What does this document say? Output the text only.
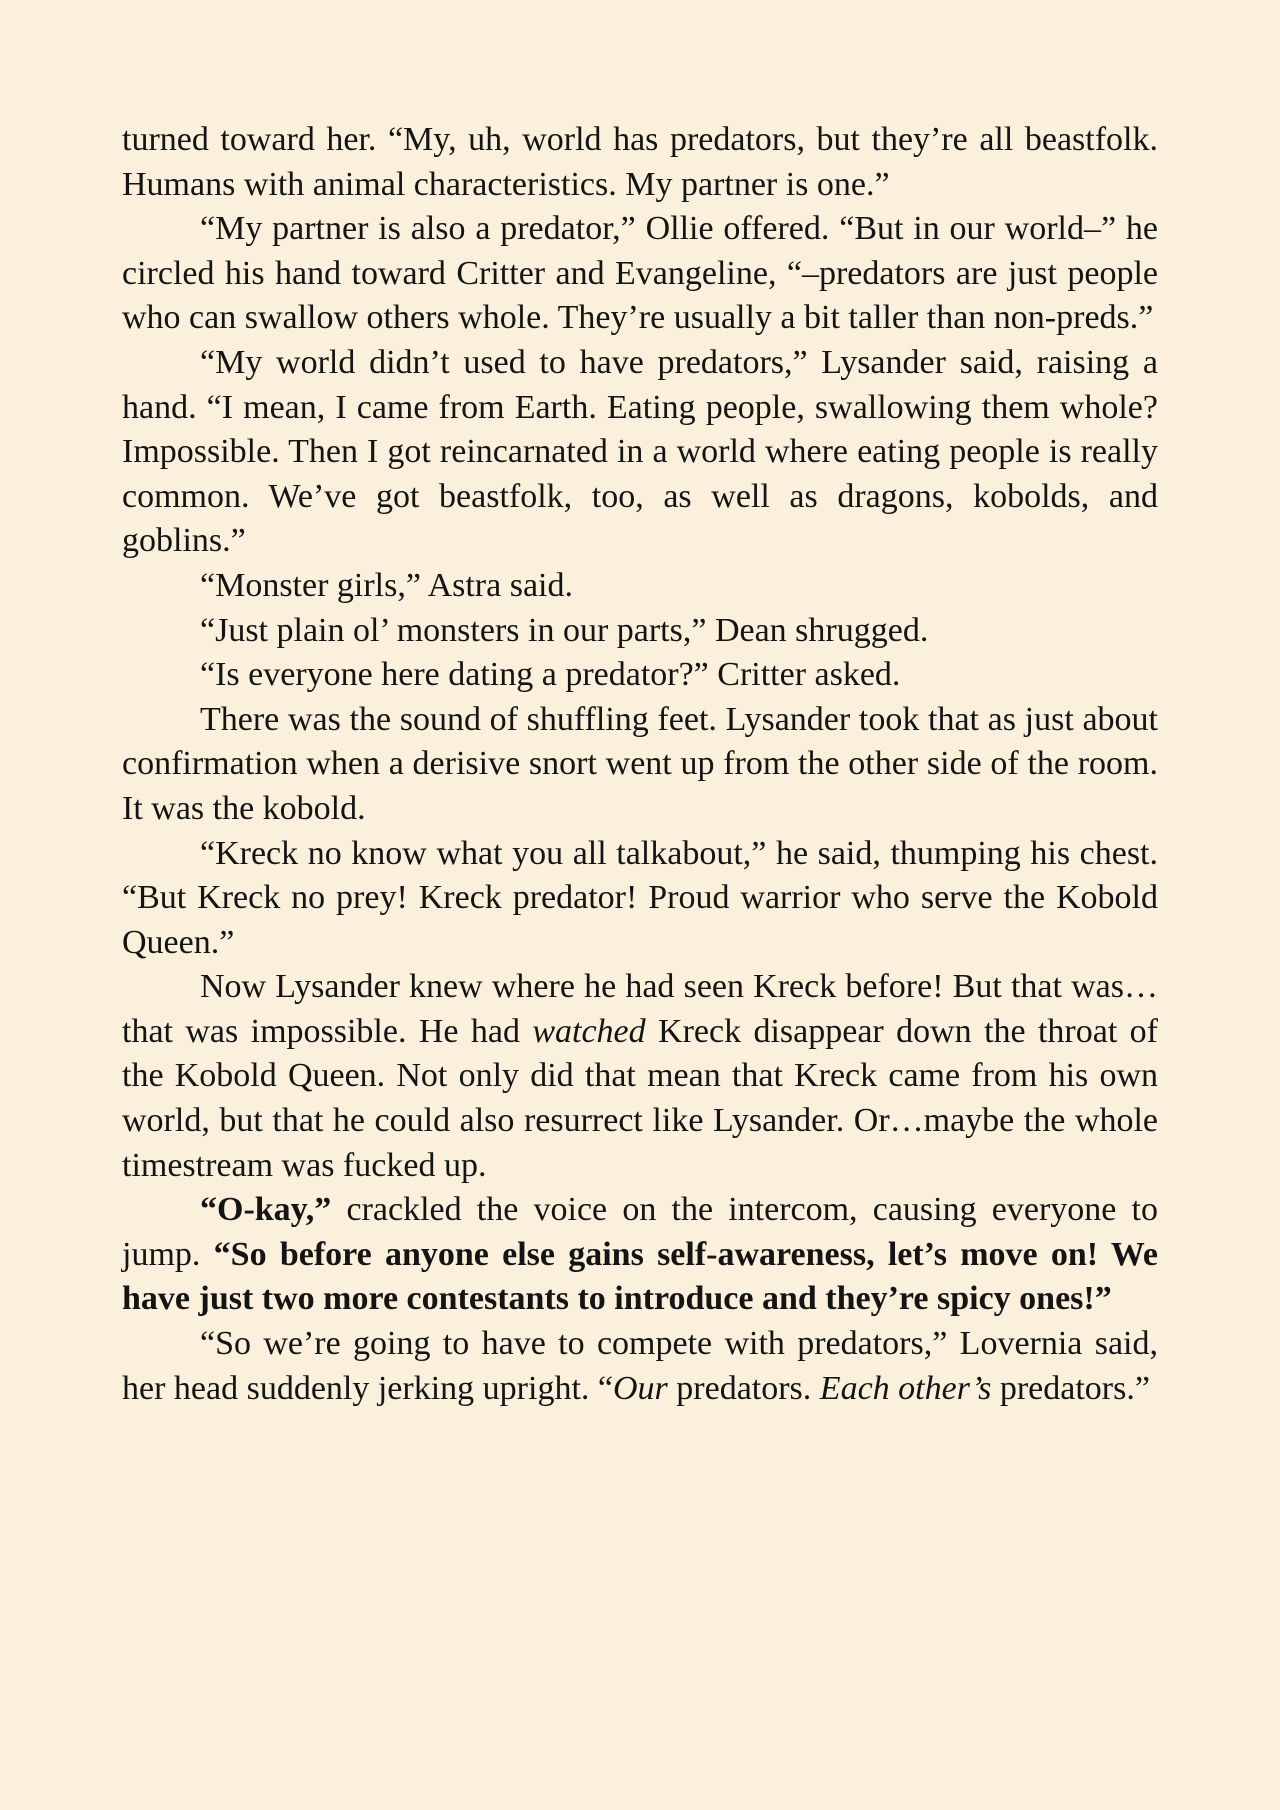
turned toward her. “My, uh, world has predators, but they’re all beastfolk. Humans with animal characteristics. My partner is one.”

“My partner is also a predator,” Ollie offered. “But in our world–” he circled his hand toward Critter and Evangeline, “–predators are just people who can swallow others whole. They’re usually a bit taller than non-preds.”

“My world didn’t used to have predators,” Lysander said, raising a hand. “I mean, I came from Earth. Eating people, swallowing them whole? Impossible. Then I got reincarnated in a world where eating people is really common. We’ve got beastfolk, too, as well as dragons, kobolds, and goblins.”

“Monster girls,” Astra said.

“Just plain ol’ monsters in our parts,” Dean shrugged.

“Is everyone here dating a predator?” Critter asked.

There was the sound of shuffling feet. Lysander took that as just about confirmation when a derisive snort went up from the other side of the room. It was the kobold.

“Kreck no know what you all talkabout,” he said, thumping his chest. “But Kreck no prey! Kreck predator! Proud warrior who serve the Kobold Queen.”

Now Lysander knew where he had seen Kreck before! But that was…that was impossible. He had watched Kreck disappear down the throat of the Kobold Queen. Not only did that mean that Kreck came from his own world, but that he could also resurrect like Lysander. Or…maybe the whole timestream was fucked up.

“O-kay,” crackled the voice on the intercom, causing everyone to jump. “So before anyone else gains self-awareness, let’s move on! We have just two more contestants to introduce and they’re spicy ones!”

“So we’re going to have to compete with predators,” Lovernia said, her head suddenly jerking upright. “Our predators. Each other’s predators.”
